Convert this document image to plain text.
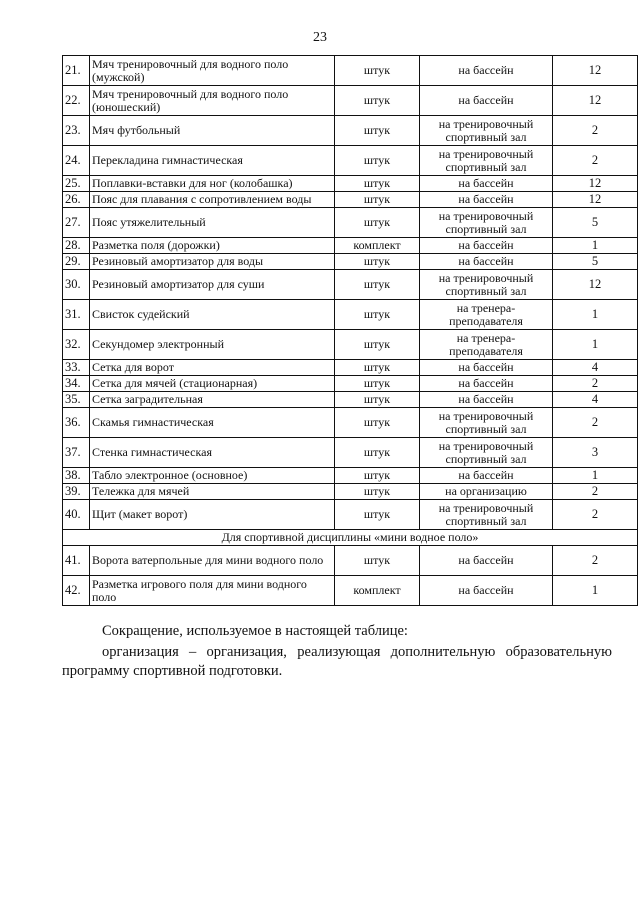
23
21.	Мяч тренировочный для водного поло (мужской)	штук	на бассейн	12
22.	Мяч тренировочный для водного поло (юношеский)	штук	на бассейн	12
23.	Мяч футбольный	штук	на тренировочный спортивный зал	2
24.	Перекладина гимнастическая	штук	на тренировочный спортивный зал	2
25.	Поплавки-вставки для ног (колобашка)	штук	на бассейн	12
26.	Пояс для плавания с сопротивлением воды	штук	на бассейн	12
27.	Пояс утяжелительный	штук	на тренировочный спортивный зал	5
28.	Разметка поля (дорожки)	комплект	на бассейн	1
29.	Резиновый амортизатор для воды	штук	на бассейн	5
30.	Резиновый амортизатор для суши	штук	на тренировочный спортивный зал	12
31.	Свисток судейский	штук	на тренера-преподавателя	1
32.	Секундомер электронный	штук	на тренера-преподавателя	1
33.	Сетка для ворот	штук	на бассейн	4
34.	Сетка для мячей (стационарная)	штук	на бассейн	2
35.	Сетка заградительная	штук	на бассейн	4
36.	Скамья гимнастическая	штук	на тренировочный спортивный зал	2
37.	Стенка гимнастическая	штук	на тренировочный спортивный зал	3
38.	Табло электронное (основное)	штук	на бассейн	1
39.	Тележка для мячей	штук	на организацию	2
40.	Щит (макет ворот)	штук	на тренировочный спортивный зал	2
Для спортивной дисциплины «мини водное поло»				
41.	Ворота ватерпольные для мини водного поло	штук	на бассейн	2
42.	Разметка игрового поля для мини водного поло	комплект	на бассейн	1
Сокращение, используемое в настоящей таблице:
организация – организация, реализующая дополнительную образовательную программу спортивной подготовки.
